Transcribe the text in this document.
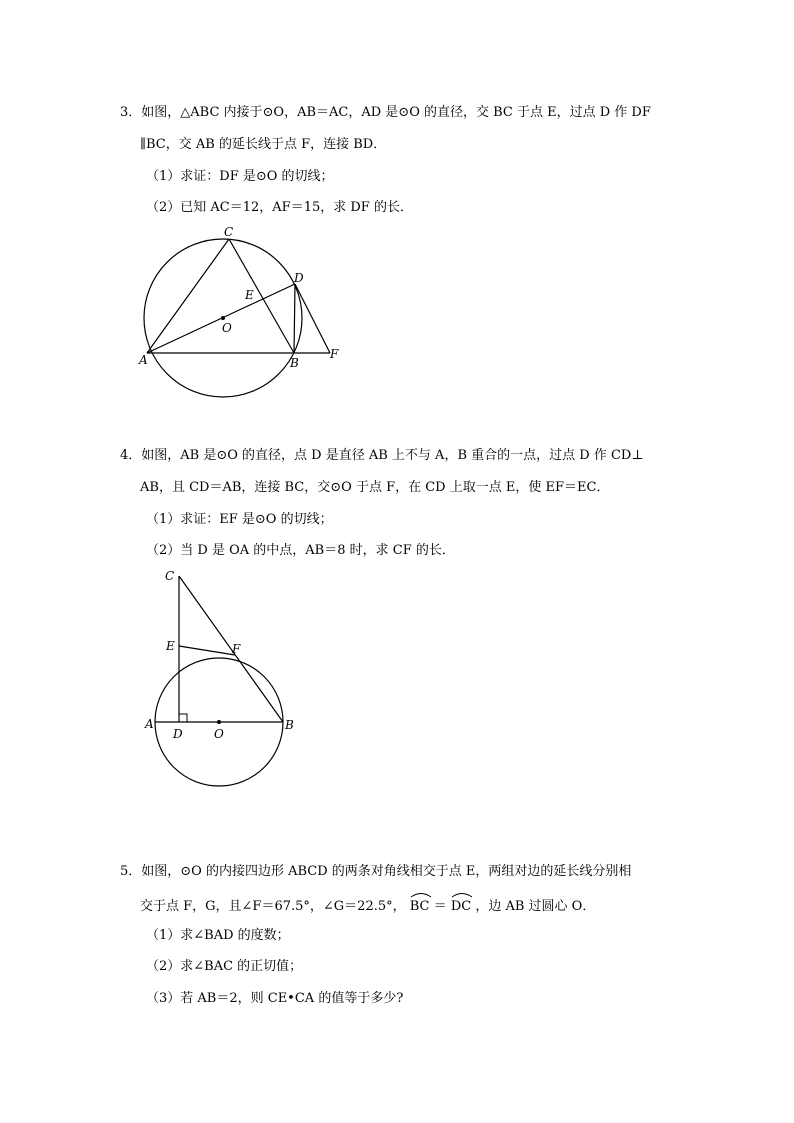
3．如图，△ABC 内接于⊙O，AB＝AC，AD 是⊙O 的直径，交 BC 于点 E，过点 D 作 DF
∥BC，交 AB 的延长线于点 F，连接 BD．
（1）求证：DF 是⊙O 的切线；
（2）已知 AC＝12，AF＝15，求 DF 的长．
C
D
E
O
A	B
F
4．如图，AB 是⊙O 的直径，点 D 是直径 AB 上不与 A，B 重合的一点，过点 D 作 CD⊥
AB，且 CD＝AB，连接 BC，交⊙O 于点 F，在 CD 上取一点 E，使 EF＝EC．
（1）求证：EF 是⊙O 的切线；
（2）当 D 是 OA 的中点，AB＝8 时，求 CF 的长．
C
E	F
A
D	O
B
5．如图，⊙O 的内接四边形 ABCD 的两条对角线相交于点 E，两组对边的延长线分别相
交于点 F，G，且∠F＝67.5°，∠G＝22.5°， BC ＝ DC ，边 AB 过圆心 O．
（1）求∠BAD 的度数；
（2）求∠BAC 的正切值；
（3）若 AB＝2，则 CE•CA 的值等于多少?
